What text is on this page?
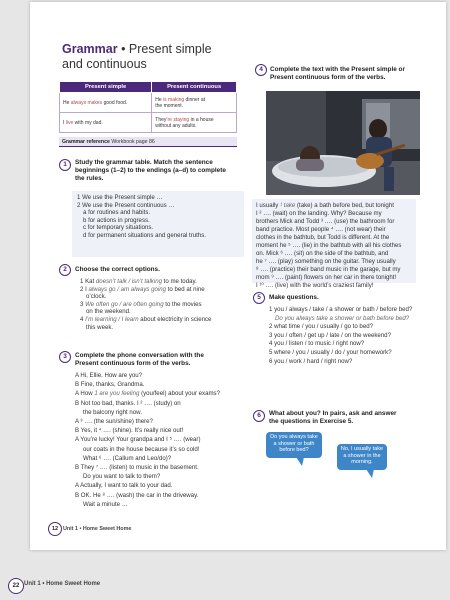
Grammar • Present simple
and continuous
Present simple	Present continuous
He always makes good food.	He is making dinner at
the moment.
I live with my dad.	They’re staying in a house
without any adults.
Grammar reference Workbook page 86
1	Study the grammar table. Match the sentence
beginnings (1–2) to the endings (a–d) to complete
the rules.
1 We use the Present simple …
2 We use the Present continuous …
a for routines and habits.
b for actions in progress.
c for temporary situations.
d for permanent situations and general truths.
2	Choose the correct options.
1 Kat doesn’t talk / isn’t talking to me today.
2 I always go / am always going to bed at nine
o’clock.
3 We often go / are often going to the movies
on the weekend.
4 I’m learning / I learn about electricity in science
this week.
3	Complete the phone conversation with the
Present continuous form of the verbs.
A Hi, Ellie. How are you?
B Fine, thanks, Grandma.
A How 1 are you feeling (you/feel) about your exams?
B Not too bad, thanks. I ² …. (study) on
the balcony right now.
A ³ …. (the sun/shine) there?
B Yes, it ⁴ …. (shine). It’s really nice out!
A You’re lucky! Your grandpa and I ⁵ …. (wear)
our coats in the house because it’s so cold!
What ⁶ …. (Callum and Leo/do)?
B They ⁷ …. (listen) to music in the basement.
Do you want to talk to them?
A Actually, I want to talk to your dad.
B OK. He ⁸ …. (wash) the car in the driveway.
Wait a minute …
4	Complete the text with the Present simple or
Present continuous form of the verbs.
I usually ¹ take (take) a bath before bed, but tonight
I ² …. (wait) on the landing. Why? Because my
brothers Mick and Todd ³ …. (use) the bathroom for
band practice. Most people ⁴ …. (not wear) their
clothes in the bathtub, but Todd is different. At the
moment he ⁵ …. (lie) in the bathtub with all his clothes
on. Mick ⁶ …. (sit) on the side of the bathtub, and
he ⁷ …. (play) something on the guitar. They usually
⁸ …. (practice) their band music in the garage, but my
mom ⁹ …. (paint) flowers on her car in there tonight!
I ¹⁰ …. (live) with the world’s craziest family!
5	Make questions.
1 you / always / take / a shower or bath / before bed?
Do you always take a shower or bath before bed?
2 what time / you / usually / go to bed?
3 you / often / get up / late / on the weekend?
4 you / listen / to music / right now?
5 where / you / usually / do / your homework?
6 you / work / hard / right now?
6	What about you? In pairs, ask and answer
the questions in Exercise 5.
Do you always take
a shower or bath
before bed?	No, I usually take
a shower in the
morning.
12 Unit 1 • Home Sweet Home
22 Unit 1 • Home Sweet Home
